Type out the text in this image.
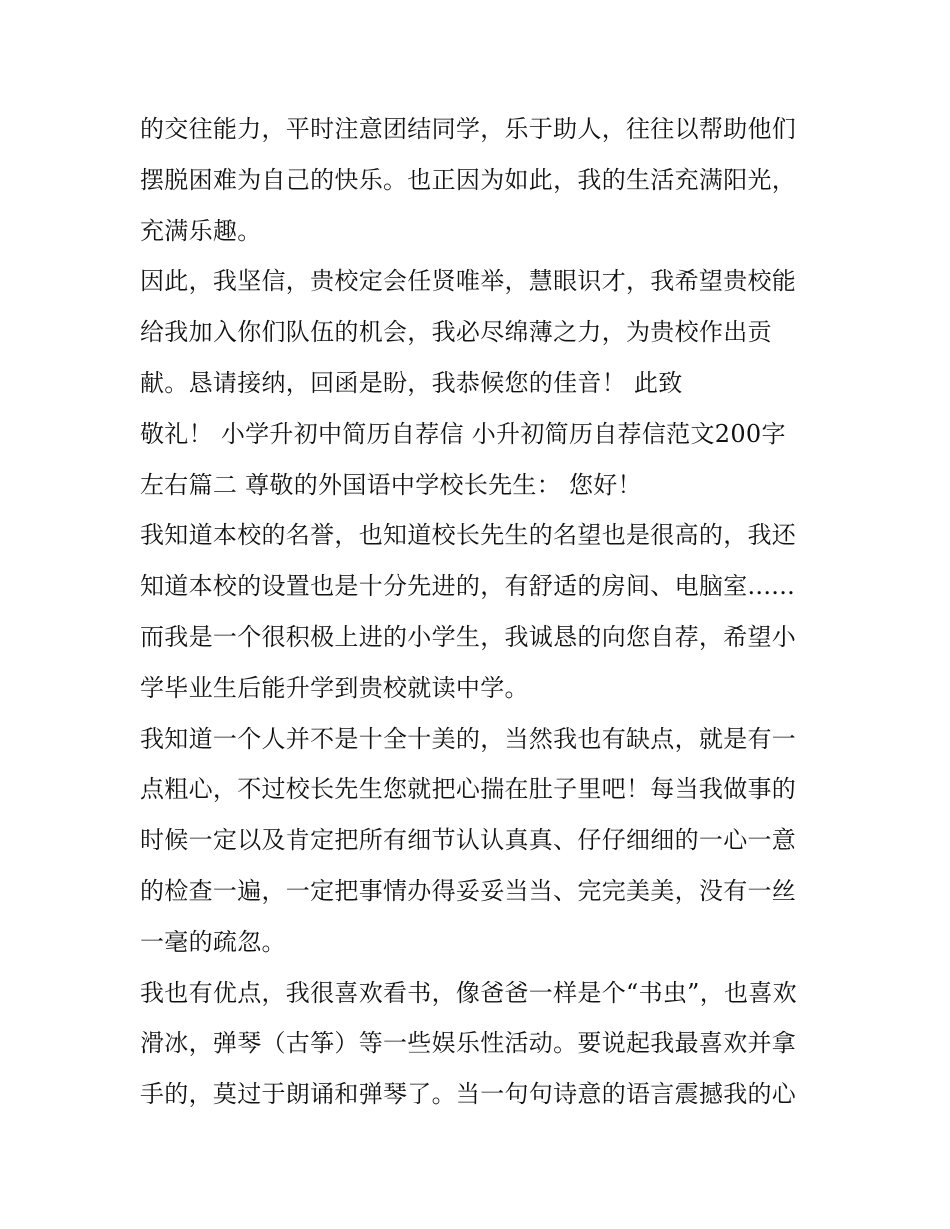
的交往能力，平时注意团结同学，乐于助人，往往以帮助他们
摆脱困难为自己的快乐。也正因为如此，我的生活充满阳光，
充满乐趣。
因此，我坚信，贵校定会任贤唯举，慧眼识才，我希望贵校能
给我加入你们队伍的机会，我必尽绵薄之力，为贵校作出贡
献。恳请接纳，回函是盼，我恭候您的佳音！ 此致
敬礼！ 小学升初中简历自荐信 小升初简历自荐信范文200字
左右篇二 尊敬的外国语中学校长先生： 您好！
我知道本校的名誉，也知道校长先生的名望也是很高的，我还
知道本校的设置也是十分先进的，有舒适的房间、电脑室......
而我是一个很积极上进的小学生，我诚恳的向您自荐，希望小
学毕业生后能升学到贵校就读中学。
我知道一个人并不是十全十美的，当然我也有缺点，就是有一
点粗心，不过校长先生您就把心揣在肚子里吧！每当我做事的
时候一定以及肯定把所有细节认认真真、仔仔细细的一心一意
的检查一遍，一定把事情办得妥妥当当、完完美美，没有一丝
一毫的疏忽。
我也有优点，我很喜欢看书，像爸爸一样是个“书虫”，也喜欢
滑冰，弹琴（古筝）等一些娱乐性活动。要说起我最喜欢并拿
手的，莫过于朗诵和弹琴了。当一句句诗意的语言震撼我的心
